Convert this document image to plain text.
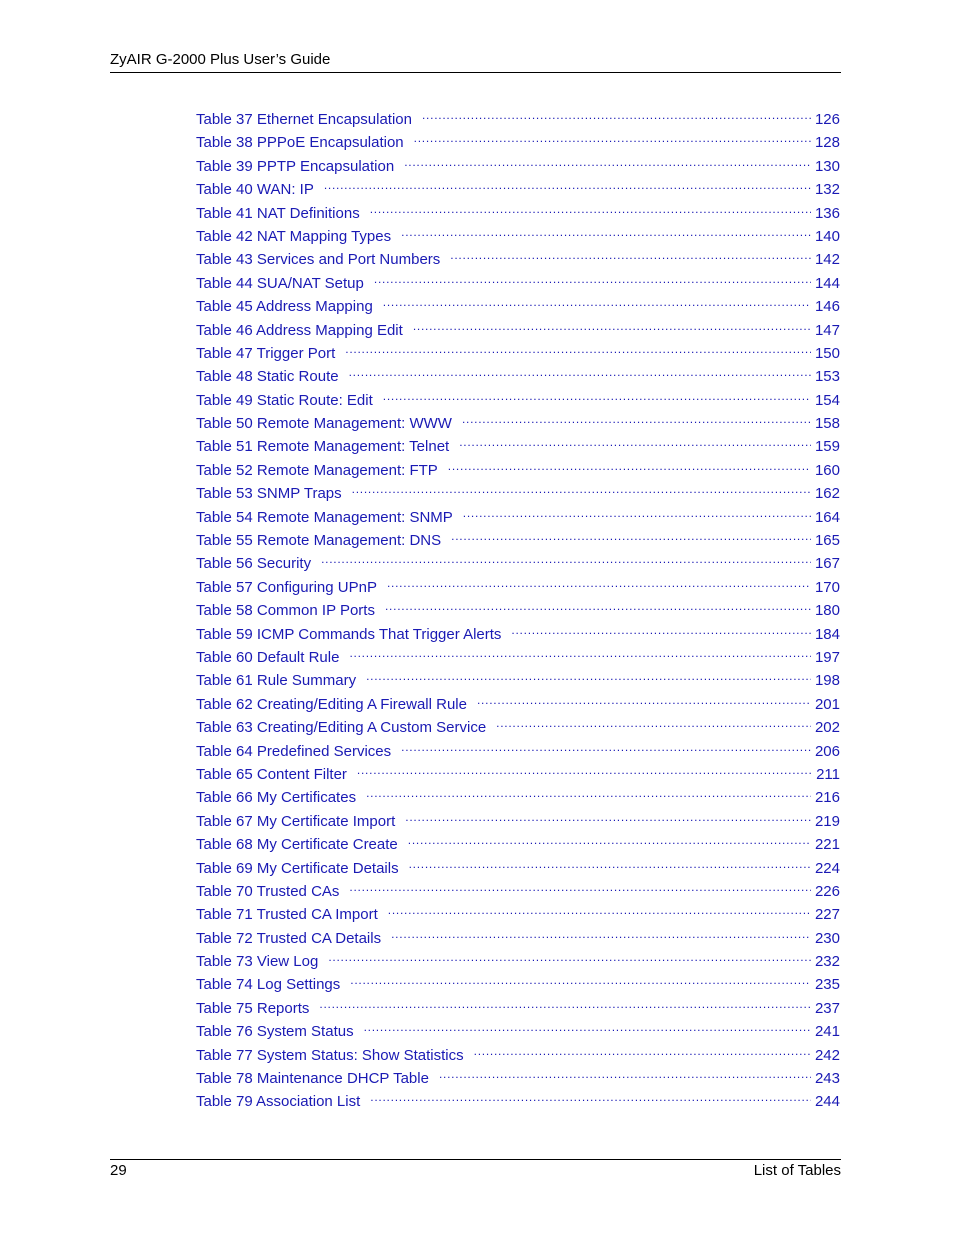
ZyAIR G-2000 Plus User’s Guide
Table 37 Ethernet Encapsulation . . .	126
Table 38 PPPoE Encapsulation . . .	128
Table 39 PPTP Encapsulation . . .	130
Table 40 WAN: IP . . .	132
Table 41 NAT Definitions . . .	136
Table 42 NAT Mapping Types . . .	140
Table 43 Services and Port Numbers . . .	142
Table 44 SUA/NAT Setup . . .	144
Table 45 Address Mapping . . .	146
Table 46 Address Mapping Edit . . .	147
Table 47 Trigger Port . . .	150
Table 48 Static Route . . .	153
Table 49 Static Route: Edit . . .	154
Table 50 Remote Management: WWW . . .	158
Table 51 Remote Management: Telnet . . .	159
Table 52 Remote Management: FTP . . .	160
Table 53 SNMP Traps . . .	162
Table 54 Remote Management: SNMP . . .	164
Table 55 Remote Management: DNS . . .	165
Table 56 Security . . .	167
Table 57 Configuring UPnP . . .	170
Table 58 Common IP Ports . . .	180
Table 59 ICMP Commands That Trigger Alerts . . .	184
Table 60 Default Rule . . .	197
Table 61 Rule Summary . . .	198
Table 62 Creating/Editing A Firewall Rule . . .	201
Table 63 Creating/Editing A Custom Service . . .	202
Table 64 Predefined Services . . .	206
Table 65 Content Filter . . .	211
Table 66 My Certificates . . .	216
Table 67 My Certificate Import . . .	219
Table 68 My Certificate Create . . .	221
Table 69 My Certificate Details . . .	224
Table 70 Trusted CAs . . .	226
Table 71 Trusted CA Import . . .	227
Table 72 Trusted CA Details . . .	230
Table 73 View Log . . .	232
Table 74 Log Settings . . .	235
Table 75 Reports . . .	237
Table 76 System Status . . .	241
Table 77 System Status: Show Statistics . . .	242
Table 78 Maintenance DHCP Table . . .	243
Table 79 Association List . . .	244
29	List of Tables
